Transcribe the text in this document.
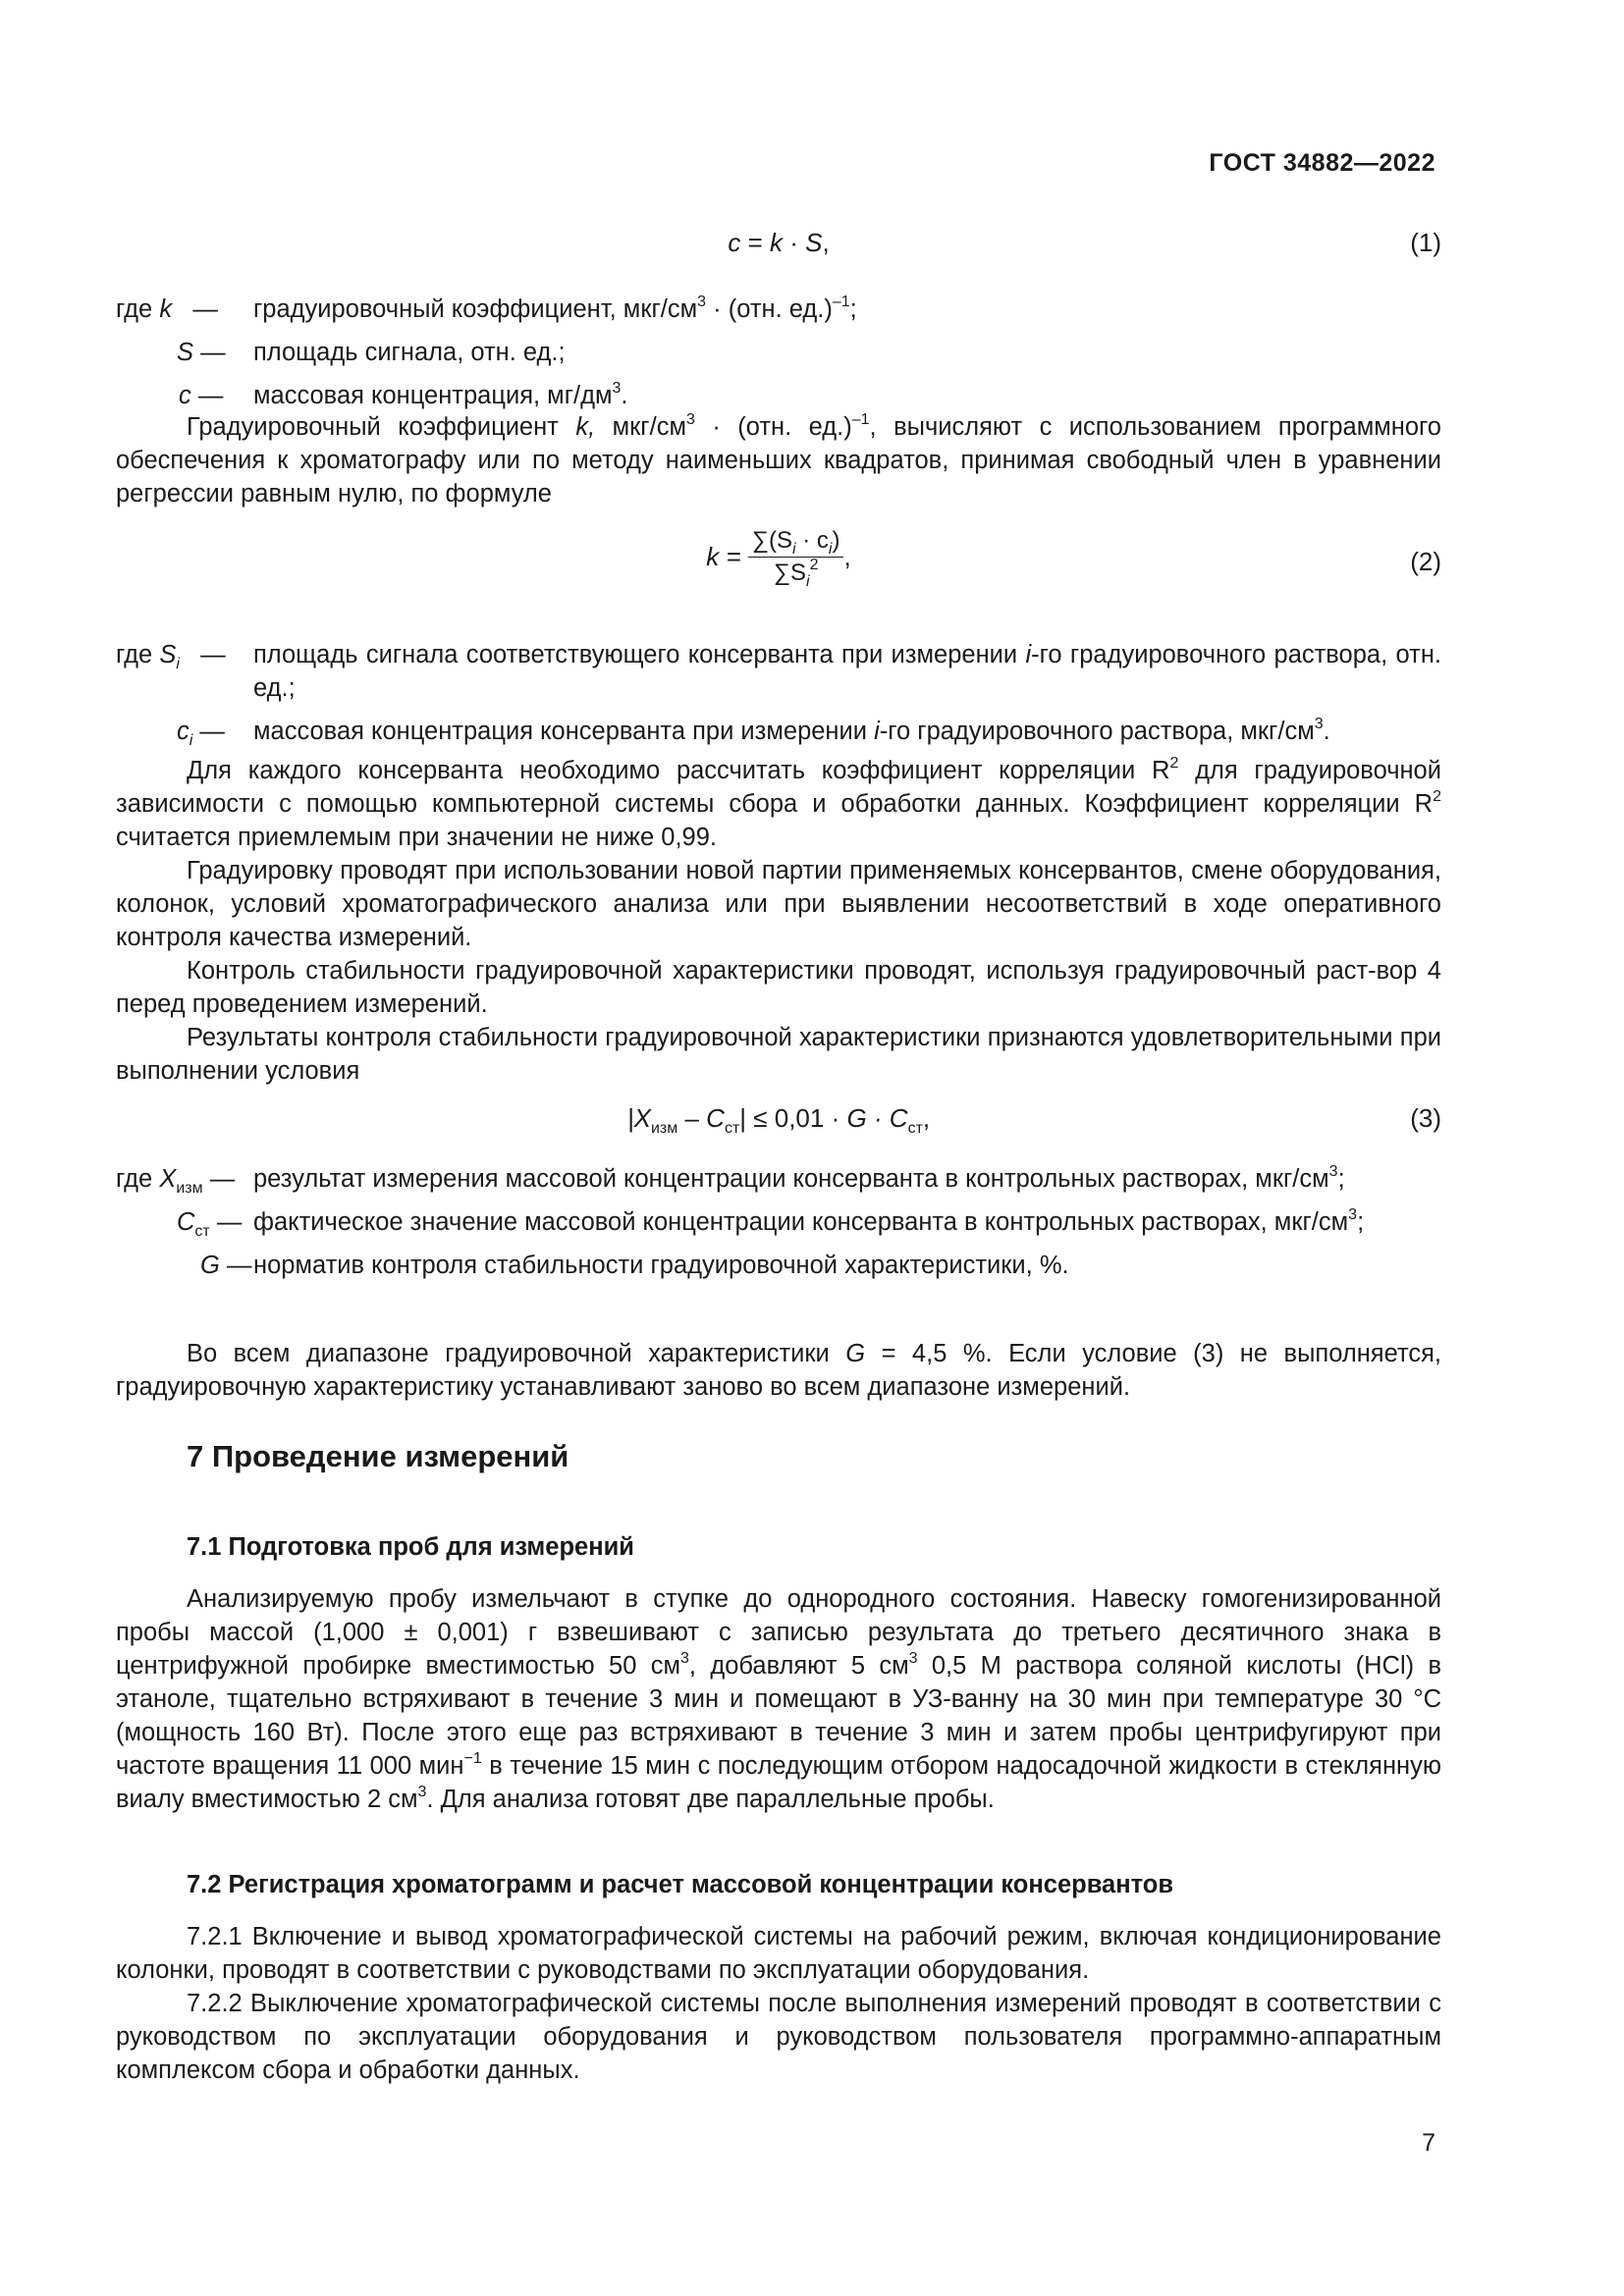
ГОСТ 34882—2022
c = k · S,	(1)
где k —	градуировочный коэффициент, мкг/$см^3 \cdot (отн$. ед.)$^{-1}$;
S —	площадь сигнала, отн. ед.;
c —	массовая концентрация, $мг/дм^3$.

Градуировочный коэффициент k, мкг/$см^3 \cdot (отн$. ед.)$^{-1}$, вычисляют с использованием программного обеспечения к хроматографу или по методу наименьших квадратов, принимая свободный член в уравнении регрессии равным нулю, по формуле

$k = \frac{\sum(S_i \cdot c_i)}{\sum S_i^2}$ ,	(2)
где $S_i$ —	площадь сигнала соответствующего консерванта при измерении i-го градуировочного раствора, отн. ед.;
$c_i$ —	массовая концентрация консерванта при измерении i-го градуировочного раствора, мкг/$см^3$.

Для каждого консерванта необходимо рассчитать коэффициент корреляции $R^2$ для градуировочной зависимости с помощью компьютерной системы сбора и обработки данных. Коэффициент корреляции $R^2$ считается приемлемым при значении не ниже 0,99.

Градуировку проводят при использовании новой партии применяемых консервантов, смене оборудования, колонок, условий хроматографического анализа или при выявлении несоответствий в ходе оперативного контроля качества измерений.

Контроль стабильности градуировочной характеристики проводят, используя градуировочный раст-вор 4 перед проведением измерений.

Результаты контроля стабильности градуировочной характеристики признаются удовлетворительными при выполнении условия

$|X_{изм} - C_{ст}| \le 0,01 \cdot G \cdot C_{ст}$,	(3)
где $X_{изм}$ — результат измерения массовой концентрации консерванта в контрольных растворах, мкг/$см^3$;
$C_{ст}$ — фактическое значение массовой концентрации консерванта в контрольных растворах, мкг/$см^3$;
G — норматив контроля стабильности градуировочной характеристики, %.

Во всем диапазоне градуировочной характеристики G = 4,5 %. Если условие (3) не выполняется, градуировочную характеристику устанавливают заново во всем диапазоне измерений.

7 Проведение измерений
7.1 Подготовка проб для измерений

Анализируемую пробу измельчают в ступке до однородного состояния. Навеску гомогенизированной пробы массой (1,000 ± 0,001) г взвешивают с записью результата до третьего десятичного знака в центрифужной пробирке вместимостью 50 $см^3$, добавляют 5 $см^3$ 0,5 М раствора соляной кислоты (HCl) в этаноле, тщательно встряхивают в течение 3 мин и помещают в УЗ-ванну на 30 мин при температуре 30 °С (мощность 160 Вт). После этого еще раз встряхивают в течение 3 мин и затем пробы центрифугируют при частоте вращения 11 000 мин$^{-1}$ в течение 15 мин с последующим отбором надосадочной жидкости в стеклянную виалу вместимостью 2 $см^3$. Для анализа готовят две параллельные пробы.

7.2 Регистрация хроматограмм и расчет массовой концентрации консервантов

7.2.1 Включение и вывод хроматографической системы на рабочий режим, включая кондиционирование колонки, проводят в соответствии с руководствами по эксплуатации оборудования.

7.2.2 Выключение хроматографической системы после выполнения измерений проводят в соответствии с руководством по эксплуатации оборудования и руководством пользователя программно-аппаратным комплексом сбора и обработки данных.

7
